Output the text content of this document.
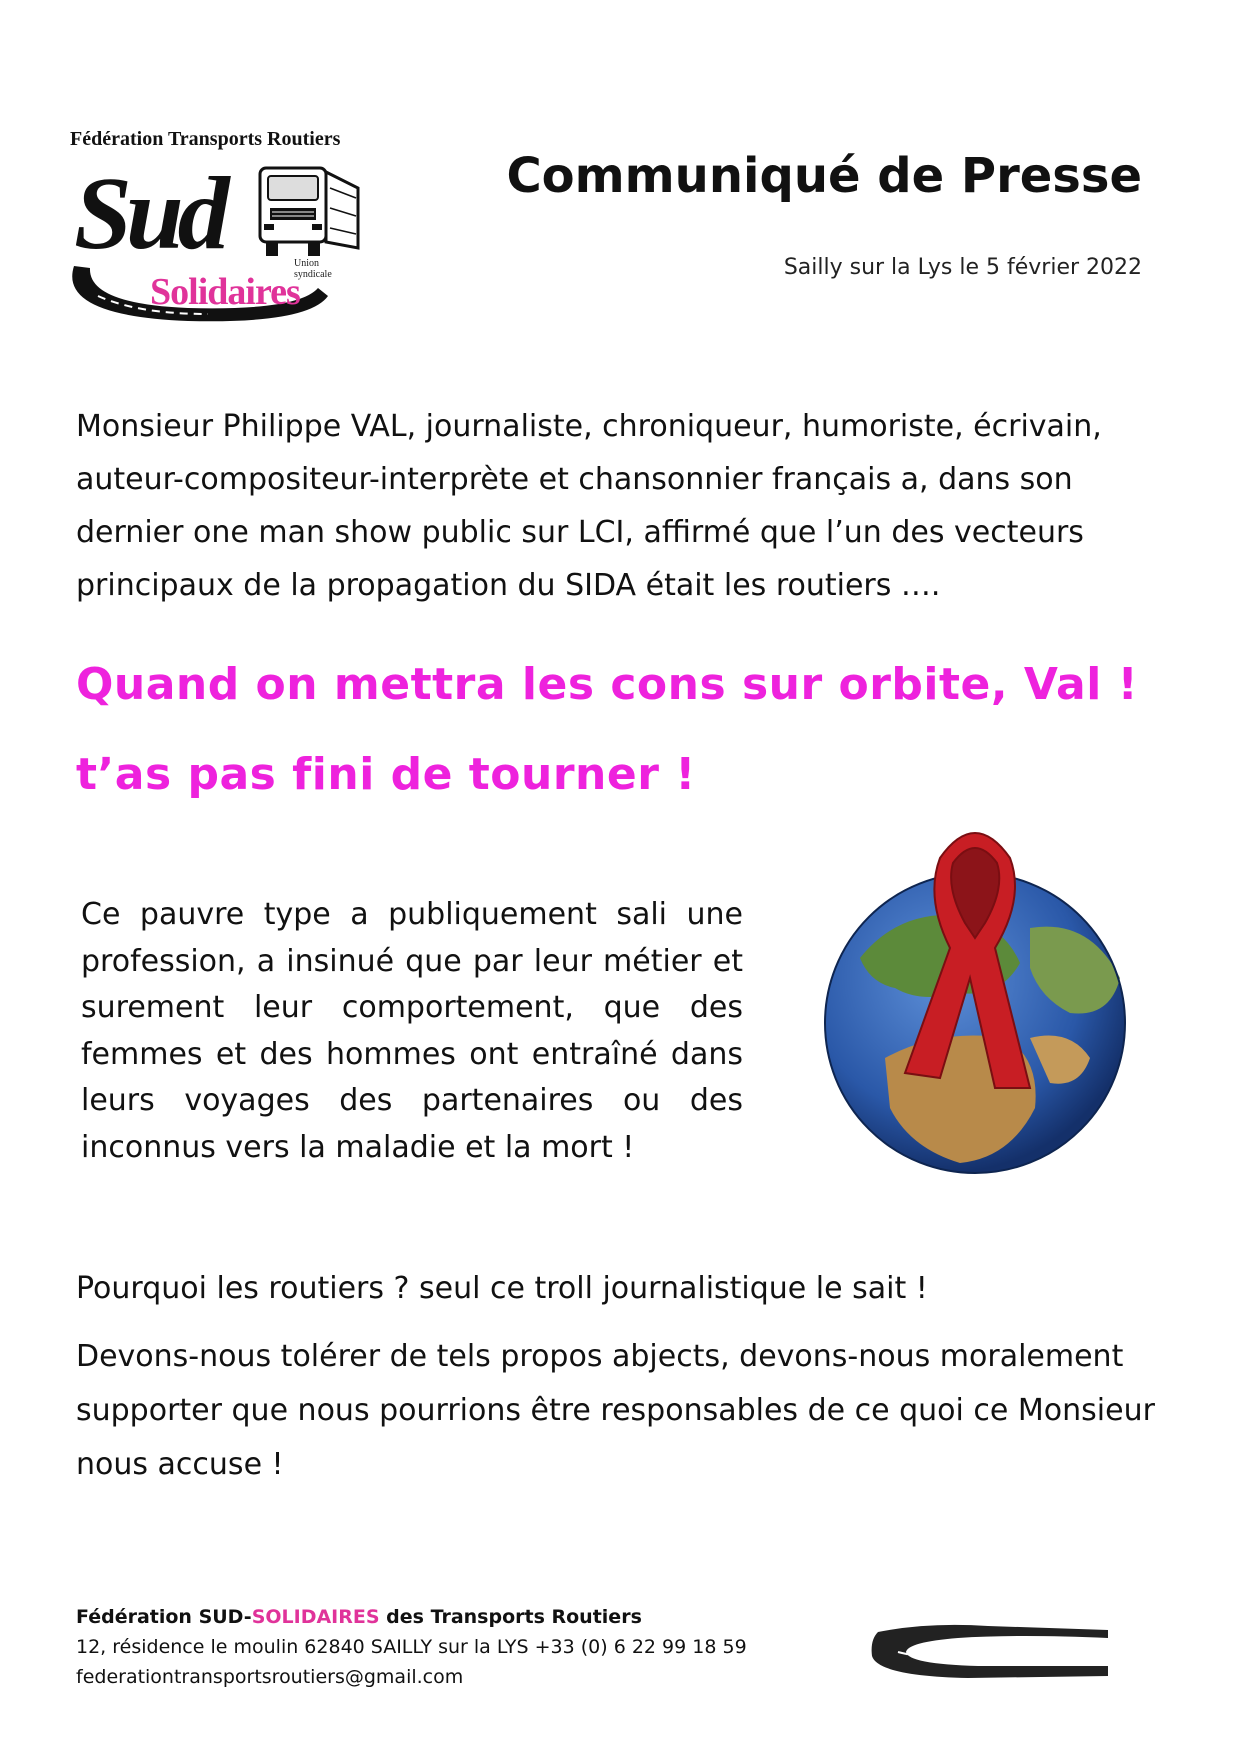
Fédération Transports Routiers
Sud
Solidaires
Union syndicale
Communiqué de Presse
Sailly sur la Lys le 5 février 2022
Monsieur Philippe VAL, journaliste, chroniqueur, humoriste, écrivain, auteur-compositeur-interprète et chansonnier français a, dans son dernier one man show public sur LCI, affirmé que l’un des vecteurs principaux de la propagation du SIDA était les routiers ….
Quand on mettra les cons sur orbite, Val !
t’as pas fini de tourner !
Ce pauvre type a publiquement sali une profession, a insinué que par leur métier et surement leur comportement, que des femmes et des hommes ont entraîné dans leurs voyages des partenaires ou des inconnus vers la maladie et la mort !
Pourquoi les routiers ? seul ce troll journalistique le sait !
Devons-nous tolérer de tels propos abjects, devons-nous moralement supporter que nous pourrions être responsables de ce quoi ce Monsieur nous accuse !
Fédération SUD-SOLIDAIRES des Transports Routiers
12, résidence le moulin 62840 SAILLY sur la LYS +33 (0) 6 22 99 18 59
federationtransportsroutiers@gmail.com
